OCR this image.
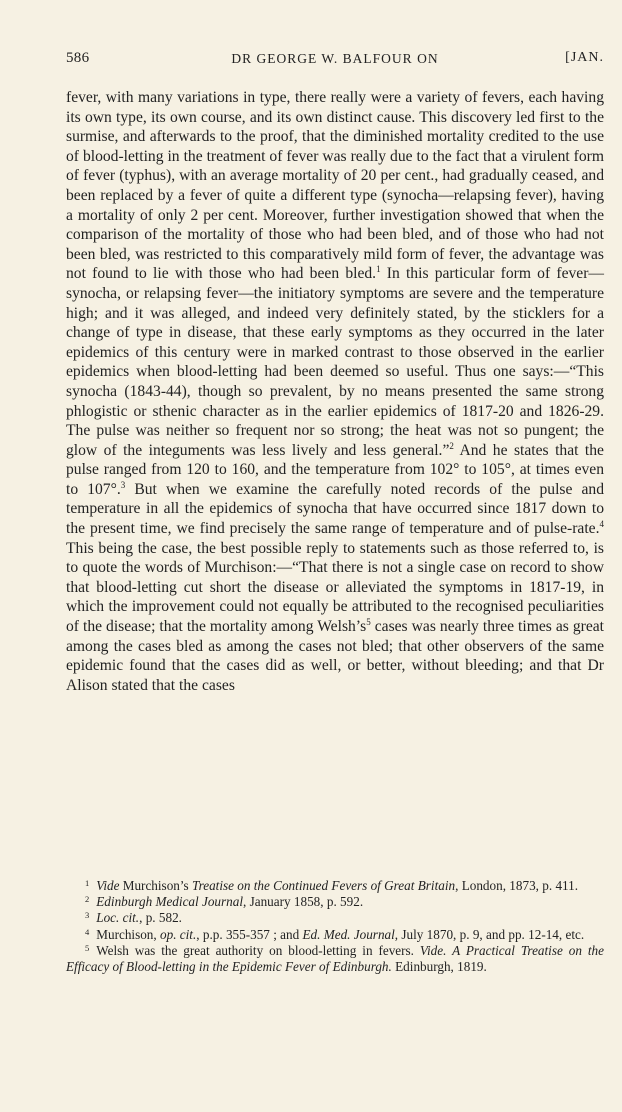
586	DR GEORGE W. BALFOUR ON	[JAN.

fever, with many variations in type, there really were a variety of fevers, each having its own type, its own course, and its own distinct cause. This discovery led first to the surmise, and afterwards to the proof, that the diminished mortality credited to the use of blood-letting in the treatment of fever was really due to the fact that a virulent form of fever (typhus), with an average mortality of 20 per cent., had gradually ceased, and been replaced by a fever of quite a different type (synocha—relapsing fever), having a mortality of only 2 per cent. Moreover, further investigation showed that when the comparison of the mortality of those who had been bled, and of those who had not been bled, was restricted to this comparatively mild form of fever, the advantage was not found to lie with those who had been bled.$^1$ In this particular form of fever—synocha, or relapsing fever—the initiatory symptoms are severe and the temperature high; and it was alleged, and indeed very definitely stated, by the sticklers for a change of type in disease, that these early symptoms as they occurred in the later epidemics of this century were in marked contrast to those observed in the earlier epidemics when blood-letting had been deemed so useful. Thus one says:—“This synocha (1843-44), though so prevalent, by no means presented the same strong phlogistic or sthenic character as in the earlier epidemics of 1817-20 and 1826-29. The pulse was neither so frequent nor so strong; the heat was not so pungent; the glow of the integuments was less lively and less general.”$^2$ And he states that the pulse ranged from 120 to 160, and the temperature from 102° to 105°, at times even to 107°.$^3$ But when we examine the carefully noted records of the pulse and temperature in all the epidemics of synocha that have occurred since 1817 down to the present time, we find precisely the same range of temperature and of pulse-rate.$^4$ This being the case, the best possible reply to statements such as those referred to, is to quote the words of Murchison:—“That there is not a single case on record to show that blood-letting cut short the disease or alleviated the symptoms in 1817-19, in which the improvement could not equally be attributed to the recognised peculiarities of the disease; that the mortality among $Welsh’s^5$ cases was nearly three times as great among the cases bled as among the cases not bled; that other observers of the same epidemic found that the cases did as well, or better, without bleeding; and that Dr Alison stated that the cases

$^1$ Vide Murchison’s Treatise on the Continued Fevers of Great Britain, London, 1873, p. 411.

$^2$ Edinburgh Medical Journal, January 1858, p. 592.

$^3$ Loc. cit., p. 582.

$^4$ Murchison, op. cit., p.p. 355-357 ; and Ed. Med. Journal, July 1870, p. 9, and pp. 12-14, etc.

$^5$ Welsh was the great authority on blood-letting in fevers. Vide. A Practical Treatise on the Efficacy of Blood-letting in the Epidemic Fever of Edinburgh. Edinburgh, 1819.
